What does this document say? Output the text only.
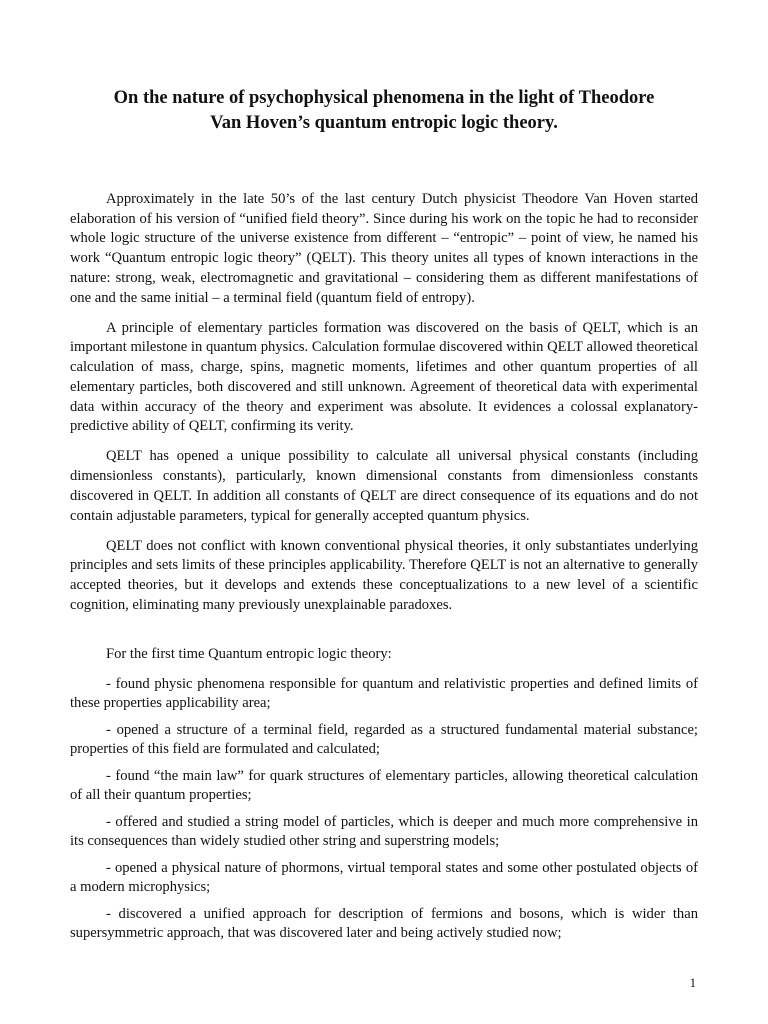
On the nature of psychophysical phenomena in the light of Theodore
Van Hoven’s quantum entropic logic theory.

Approximately in the late 50’s of the last century Dutch physicist Theodore Van Hoven started elaboration of his version of “unified field theory”. Since during his work on the topic he had to reconsider whole logic structure of the universe existence from different – “entropic” – point of view, he named his work “Quantum entropic logic theory” (QELT). This theory unites all types of known interactions in the nature: strong, weak, electromagnetic and gravitational – considering them as different manifestations of one and the same initial – a terminal field (quantum field of entropy).

A principle of elementary particles formation was discovered on the basis of QELT, which is an important milestone in quantum physics. Calculation formulae discovered within QELT allowed theoretical calculation of mass, charge, spins, magnetic moments, lifetimes and other quantum properties of all elementary particles, both discovered and still unknown. Agreement of theoretical data with experimental data within accuracy of the theory and experiment was absolute. It evidences a colossal explanatory-predictive ability of QELT, confirming its verity.

QELT has opened a unique possibility to calculate all universal physical constants (including dimensionless constants), particularly, known dimensional constants from dimensionless constants discovered in QELT. In addition all constants of QELT are direct consequence of its equations and do not contain adjustable parameters, typical for generally accepted quantum physics.

QELT does not conflict with known conventional physical theories, it only substantiates underlying principles and sets limits of these principles applicability. Therefore QELT is not an alternative to generally accepted theories, but it develops and extends these conceptualizations to a new level of a scientific cognition, eliminating many previously unexplainable paradoxes.

For the first time Quantum entropic logic theory:

- found physic phenomena responsible for quantum and relativistic properties and defined limits of these properties applicability area;

- opened a structure of a terminal field, regarded as a structured fundamental material substance; properties of this field are formulated and calculated;

- found “the main law” for quark structures of elementary particles, allowing theoretical calculation of all their quantum properties;

- offered and studied a string model of particles, which is deeper and much more comprehensive in its consequences than widely studied other string and superstring models;

- opened a physical nature of phormons, virtual temporal states and some other postulated objects of a modern microphysics;

- discovered a unified approach for description of fermions and bosons, which is wider than supersymmetric approach, that was discovered later and being actively studied now;

1
